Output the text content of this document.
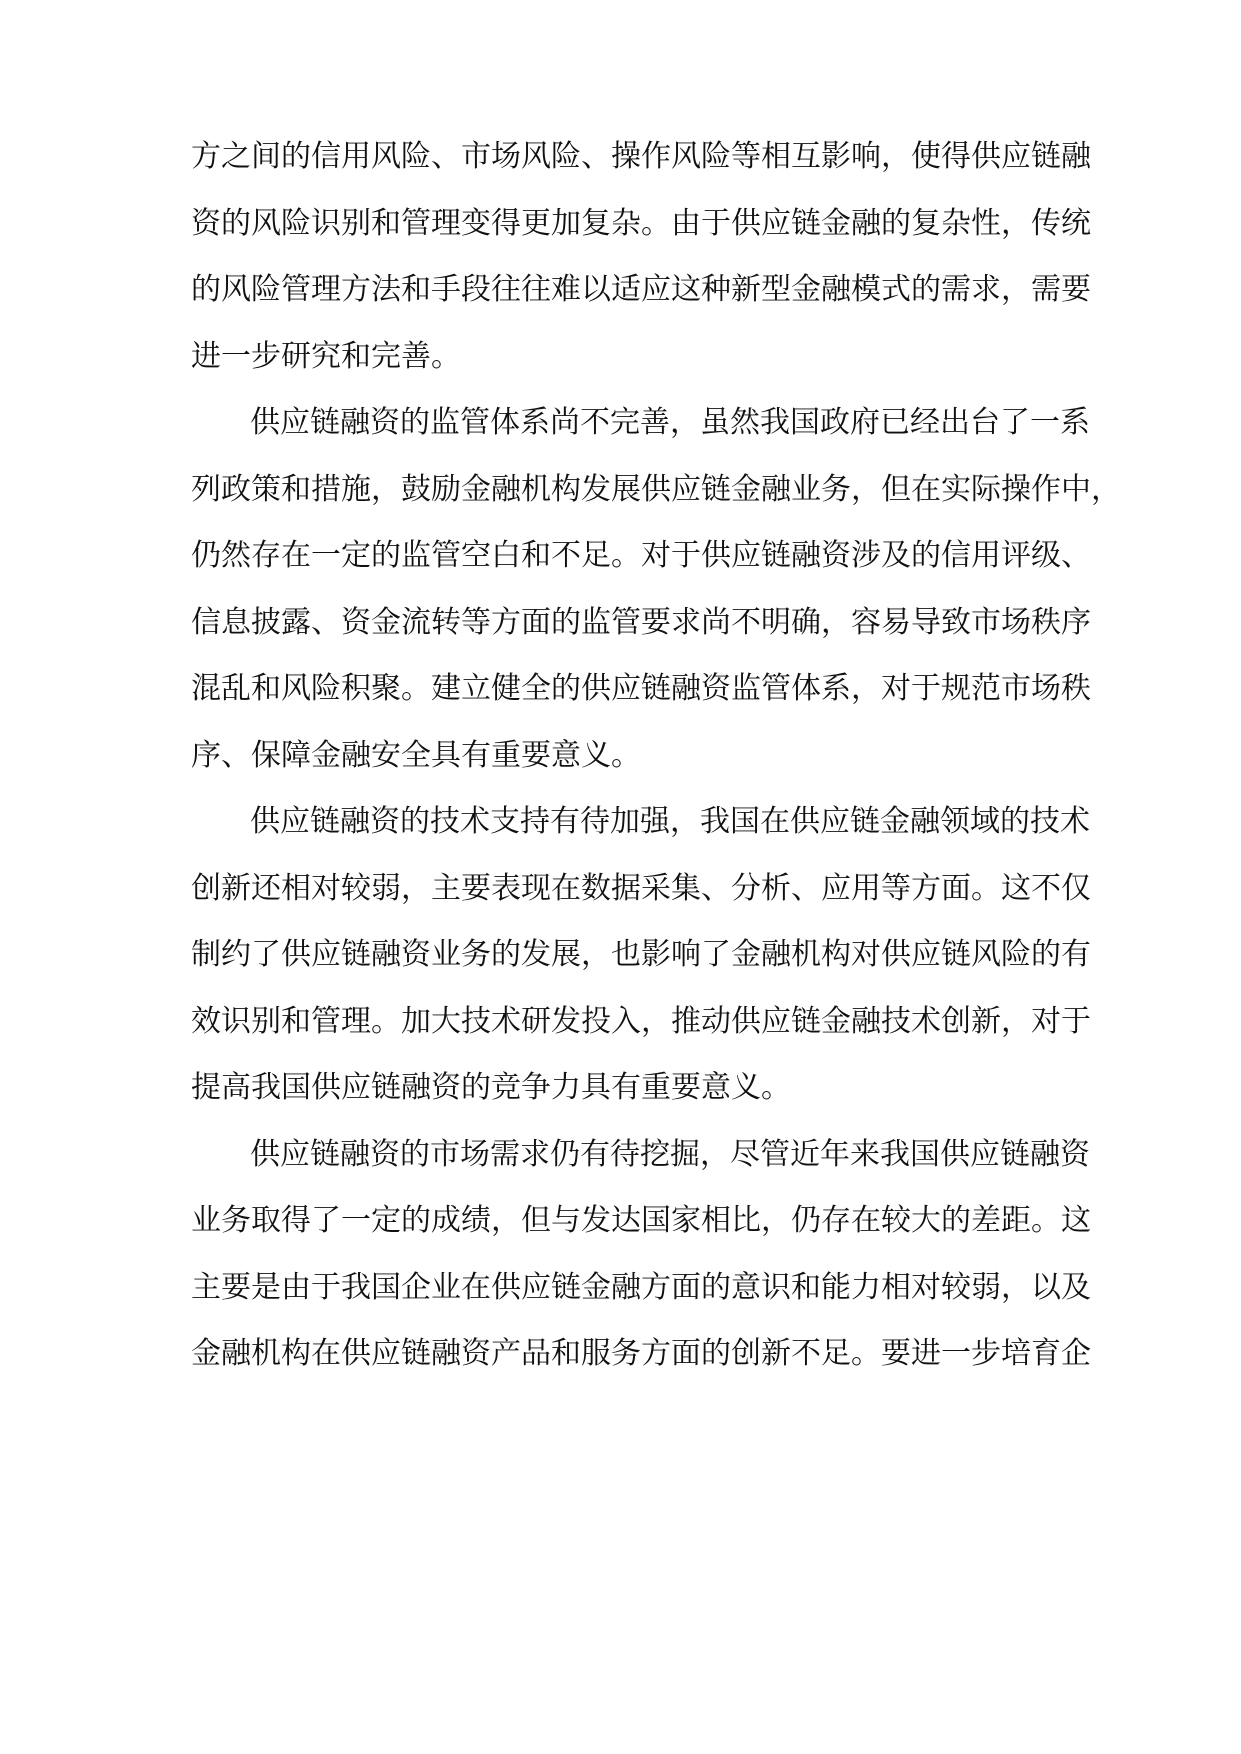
方之间的信用风险、市场风险、操作风险等相互影响，使得供应链融
资的风险识别和管理变得更加复杂。由于供应链金融的复杂性，传统
的风险管理方法和手段往往难以适应这种新型金融模式的需求，需要
进一步研究和完善。
供应链融资的监管体系尚不完善，虽然我国政府已经出台了一系
列政策和措施，鼓励金融机构发展供应链金融业务，但在实际操作中，
仍然存在一定的监管空白和不足。对于供应链融资涉及的信用评级、
信息披露、资金流转等方面的监管要求尚不明确，容易导致市场秩序
混乱和风险积聚。建立健全的供应链融资监管体系，对于规范市场秩
序、保障金融安全具有重要意义。
供应链融资的技术支持有待加强，我国在供应链金融领域的技术
创新还相对较弱，主要表现在数据采集、分析、应用等方面。这不仅
制约了供应链融资业务的发展，也影响了金融机构对供应链风险的有
效识别和管理。加大技术研发投入，推动供应链金融技术创新，对于
提高我国供应链融资的竞争力具有重要意义。
供应链融资的市场需求仍有待挖掘，尽管近年来我国供应链融资
业务取得了一定的成绩，但与发达国家相比，仍存在较大的差距。这
主要是由于我国企业在供应链金融方面的意识和能力相对较弱，以及
金融机构在供应链融资产品和服务方面的创新不足。要进一步培育企
